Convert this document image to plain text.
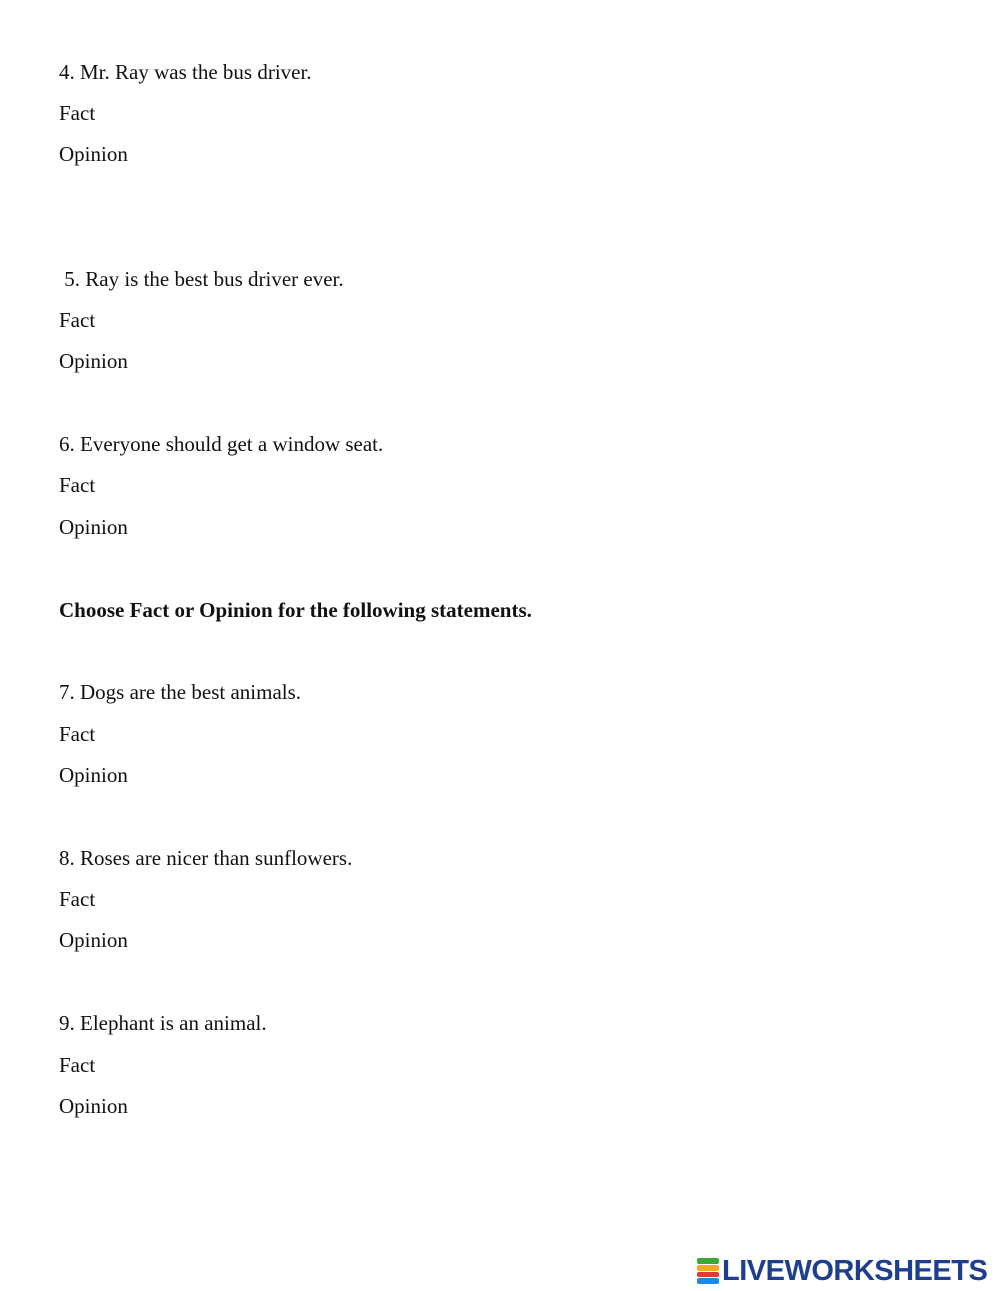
4. Mr. Ray was the bus driver.
Fact
Opinion
5. Ray is the best bus driver ever.
Fact
Opinion
6. Everyone should get a window seat.
Fact
Opinion
Choose Fact or Opinion for the following statements.
7. Dogs are the best animals.
Fact
Opinion
8. Roses are nicer than sunflowers.
Fact
Opinion
9. Elephant is an animal.
Fact
Opinion
LIVEWORKSHEETS
